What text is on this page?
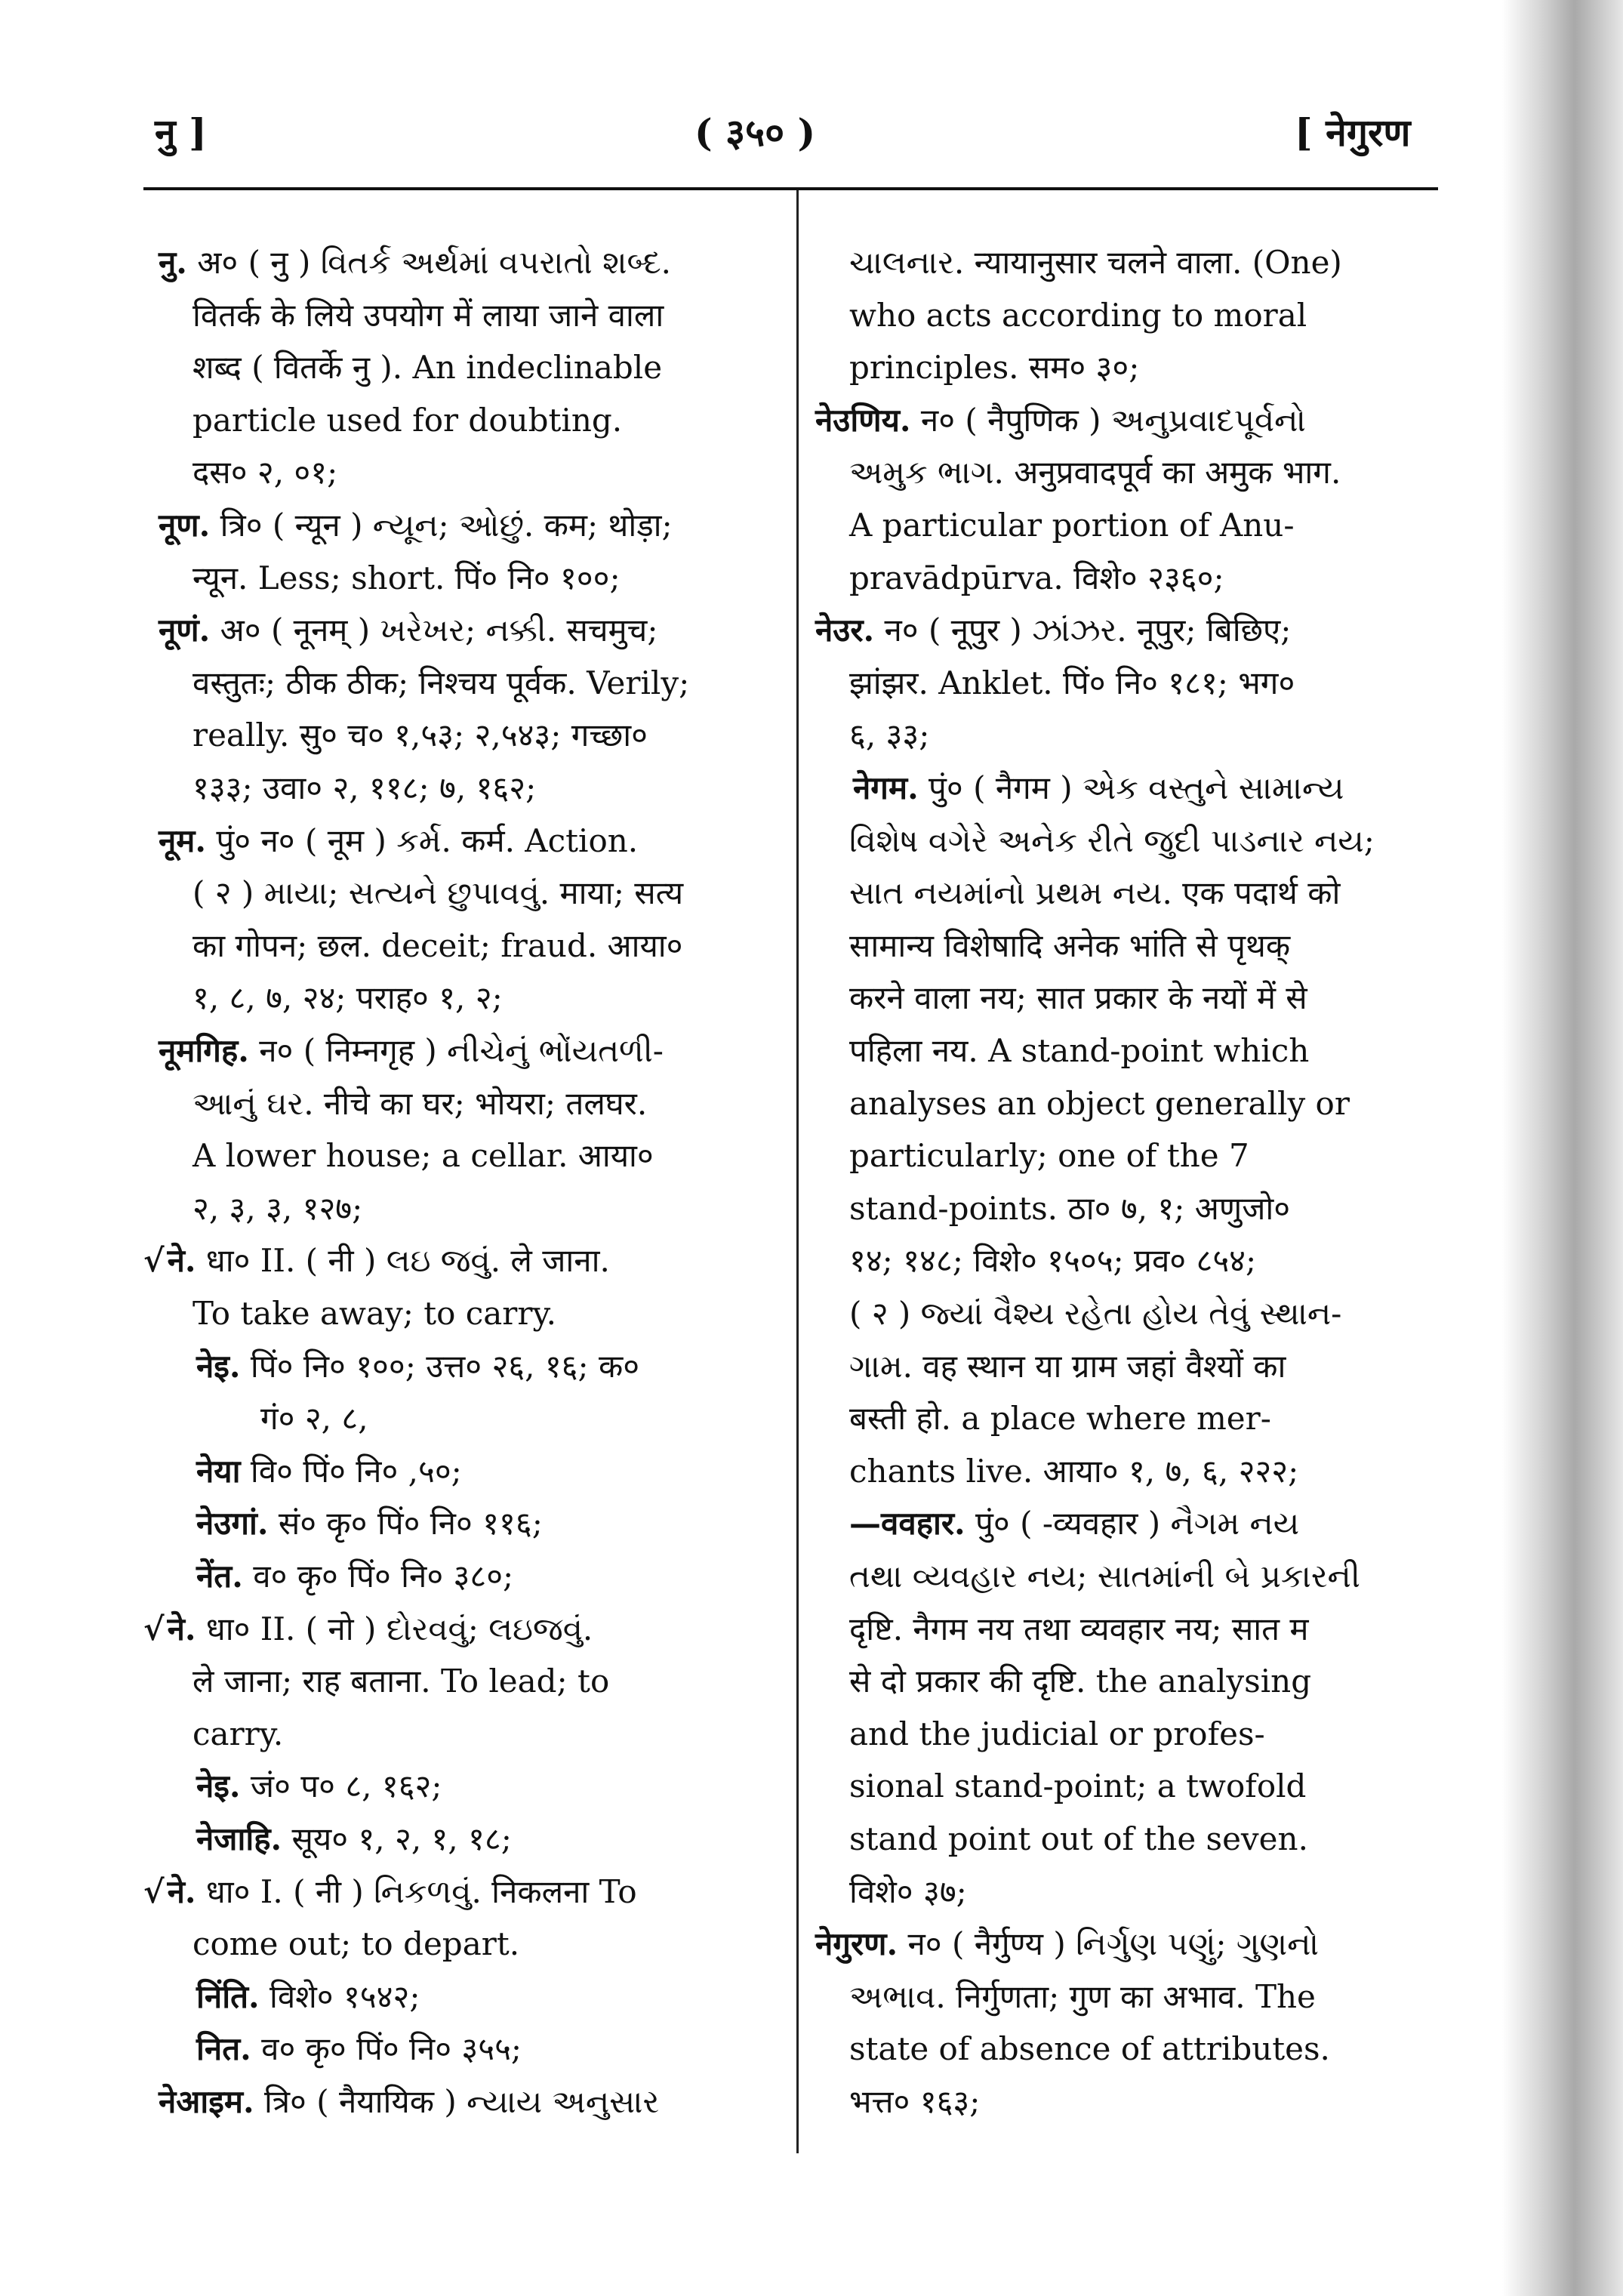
नु ]	( ३५० )	[ नेगुरण
नु. अ० ( नु ) વિતર્ક અર્થમાં વપરાતો શબ્દ.
वितर्क के लिये उपयोग में लाया जाने वाला
शब्द ( वितर्के नु ). An indeclinable
particle used for doubting.
दस० २, ०१;
नूण. त्रि० ( न्यून ) ન્યૂન; ઓછું. कम; थोड़ा;
न्यून. Less; short. पिं० नि० १००;
नूणं. अ० ( नूनम् ) ખરેખર; નક્કી. सचमुच;
वस्तुतः; ठीक ठीक; निश्चय पूर्वक. Verily;
really. सु० च० १,५३; २,५४३; गच्छा०
१३३; उवा० २, ११८; ७, १६२;
नूम. पुं० न० ( नूम ) કર્મ. कर्म. Action.
( २ ) માયા; સત્યને છુપાવવું. माया; सत्य
का गोपन; छल. deceit; fraud. आया०
१, ८, ७, २४; पराह० १, २;
नूमगिह. न० ( निम्नगृह ) નીચેનું ભોંયતળી-
આનું ઘર. नीचे का घर; भोयरा; तलघर.
A lower house; a cellar. आया०
२, ३, ३, १२७;
√ने. धा० II. ( नी ) લઇ જવું. ले जाना.
To take away; to carry.
नेइ. पिं० नि० १००; उत्त० २६, १६; क०
गं० २, ८,
नेया वि० पिं० नि० ,५०;
नेउगां. सं० कृ० पिं० नि० ११६;
नेंत. व० कृ० पिं० नि० ३८०;
√ने. धा० II. ( नो ) દોરવવું; લઇજવું.
ले जाना; राह बताना. To lead; to
carry.
नेइ. जं० प० ८, १६२;
नेजाहि. सूय० १, २, १, १८;
√ने. धा० I. ( नी ) નિકળવું. निकलना To
come out; to depart.
निंति. विशे० १५४२;
नित. व० कृ० पिं० नि० ३५५;
नेआइम. त्रि० ( नैयायिक ) ન્યાય અનુસાર
ચાલનાર. न्यायानुसार चलने वाला. (One)
who acts according to moral
principles. सम० ३०;
नेउणिय. न० ( नैपुणिक ) અનુપ્રવાદપૂર્વનો
અમુક ભાગ. अनुप्रवादपूर्व का अमुक भाग.
A particular portion of Anu-
pravādpūrva. विशे० २३६०;
नेउर. न० ( नूपुर ) ઝાંઝર. नूपुर; बिछिए;
झांझर. Anklet. पिं० नि० १८१; भग०
६, ३३;
नेगम. पुं० ( नैगम ) એક વસ્તુને સામાન્ય
વિશેષ વગેરે અનેક રીતે જુદી પાડનાર નય;
સાત નયમાંનો પ્રથમ નય. एक पदार्थ को
सामान्य विशेषादि अनेक भांति से पृथक्
करने वाला नय; सात प्रकार के नयों में से
पहिला नय. A stand-point which
analyses an object generally or
particularly; one of the 7
stand-points. ठा० ७, १; अणुजो०
१४; १४८; विशे० १५०५; प्रव० ८५४;
( २ ) જ્યાં વૈશ્ય રહેતા હોય તેવું સ્થાન-
ગામ. वह स्थान या ग्राम जहां वैश्यों का
बस्ती हो. a place where mer-
chants live. आया० १, ७, ६, २२२;
—ववहार. पुं० ( -व्यवहार ) નૈગમ નય
તથા વ્યવહાર નય; સાતમાંની બે પ્રકારની
दृष्टि. नैगम नय तथा व्यवहार नय; सात म
से दो प्रकार की दृष्टि. the analysing
and the judicial or profes-
sional stand-point; a twofold
stand point out of the seven.
विशे० ३७;
नेगुरण. न० ( नैर्गुण्य ) નિર્ગુણ પણું; ગુણનો
અભાવ. निर्गुणता; गुण का अभाव. The
state of absence of attributes.
भत्त० १६३;
